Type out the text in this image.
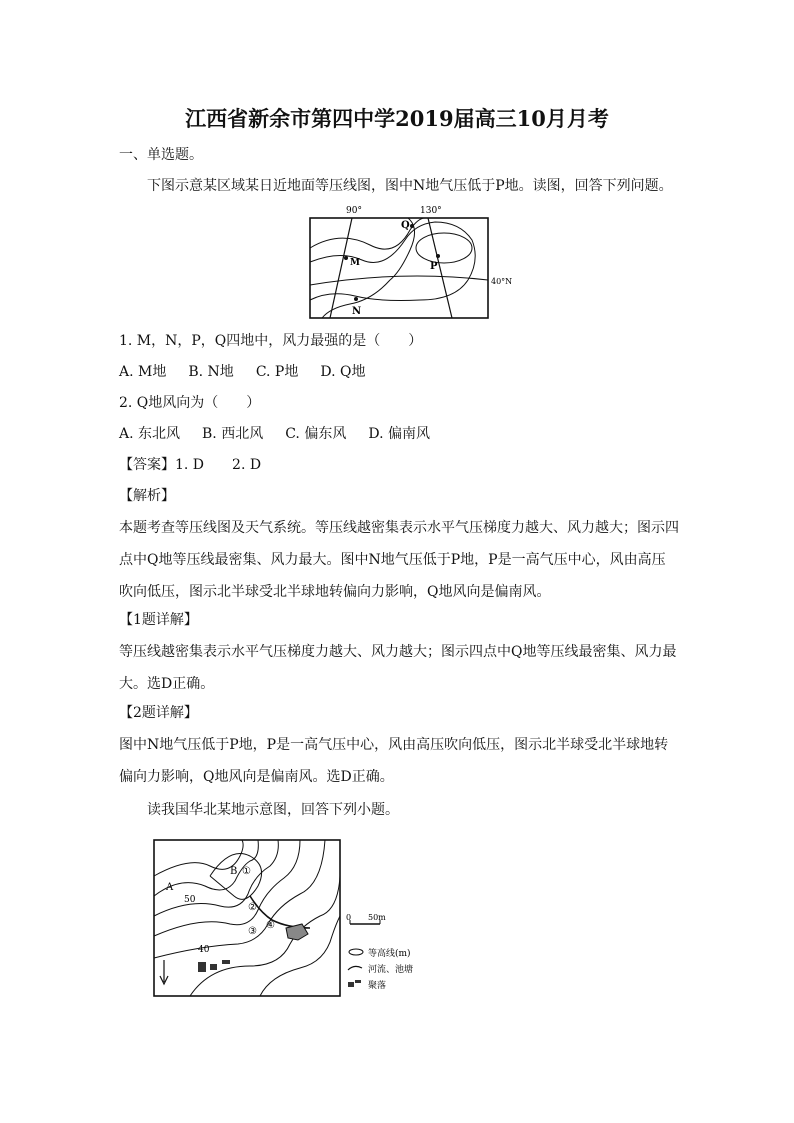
江西省新余市第四中学2019届高三10月月考
一、单选题。
下图示意某区域某日近地面等压线图，图中N地气压低于P地。读图，回答下列问题。
90°	130°
40°N
Q
M	P
N
1. M，N，P，Q四地中，风力最强的是（　　）
A. M地 B. N地 C. P地 D. Q地
2. Q地风向为（　　）
A. 东北风 B. 西北风 C. 偏东风 D. 偏南风
【答案】1. D 2. D
【解析】

本题考查等压线图及天气系统。等压线越密集表示水平气压梯度力越大、风力越大；图示四点中Q地等压线最密集、风力最大。图中N地气压低于P地，P是一高气压中心，风由高压吹向低压，图示北半球受北半球地转偏向力影响，Q地风向是偏南风。

【1题详解】

等压线越密集表示水平气压梯度力越大、风力越大；图示四点中Q地等压线最密集、风力最大。选D正确。

【2题详解】

图中N地气压低于P地，P是一高气压中心，风由高压吹向低压，图示北半球受北半球地转偏向力影响，Q地风向是偏南风。选D正确。

读我国华北某地示意图，回答下列小题。
A
B ①
②
③
④
50
40
0 50m
等高线(m)
河流、池塘
聚落
